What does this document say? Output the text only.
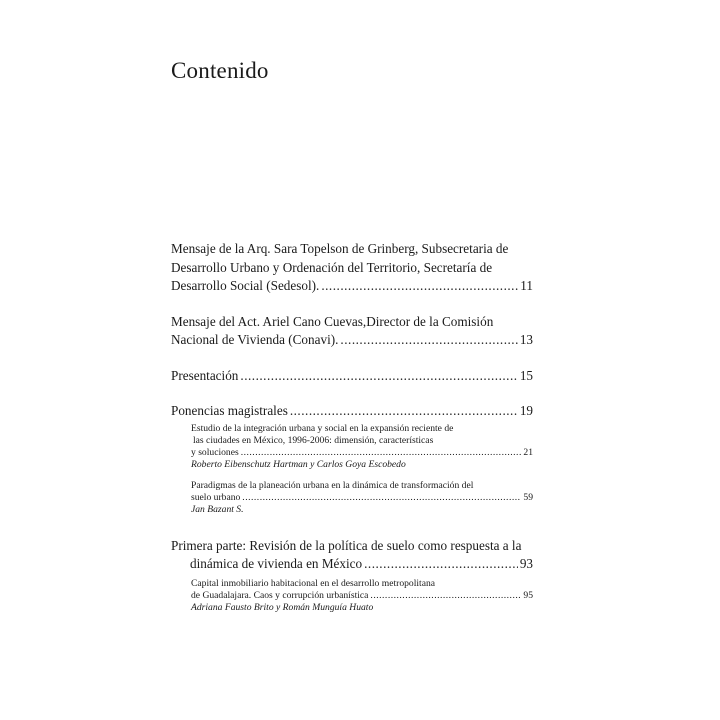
Contenido
Mensaje de la Arq. Sara Topelson de Grinberg, Subsecretaria de
Desarrollo Urbano y Ordenación del Territorio, Secretaría de
Desarrollo Social (Sedesol). .....	11
Mensaje del Act. Ariel Cano Cuevas,Director de la Comisión
Nacional de Vivienda (Conavi). .....	13
Presentación .....	15
Ponencias magistrales .....	19
Estudio de la integración urbana y social en la expansión reciente de
las ciudades en México, 1996-2006: dimensión, características
y soluciones .....	21
Roberto Eibenschutz Hartman y Carlos Goya Escobedo
Paradigmas de la planeación urbana en la dinámica de transformación del
suelo urbano .....	59
Jan Bazant S.
Primera parte: Revisión de la política de suelo como respuesta a la
dinámica de vivienda en México .....	93
Capital inmobiliario habitacional en el desarrollo metropolitana
de Guadalajara. Caos y corrupción urbanística .....	95
Adriana Fausto Brito y Román Munguía Huato
